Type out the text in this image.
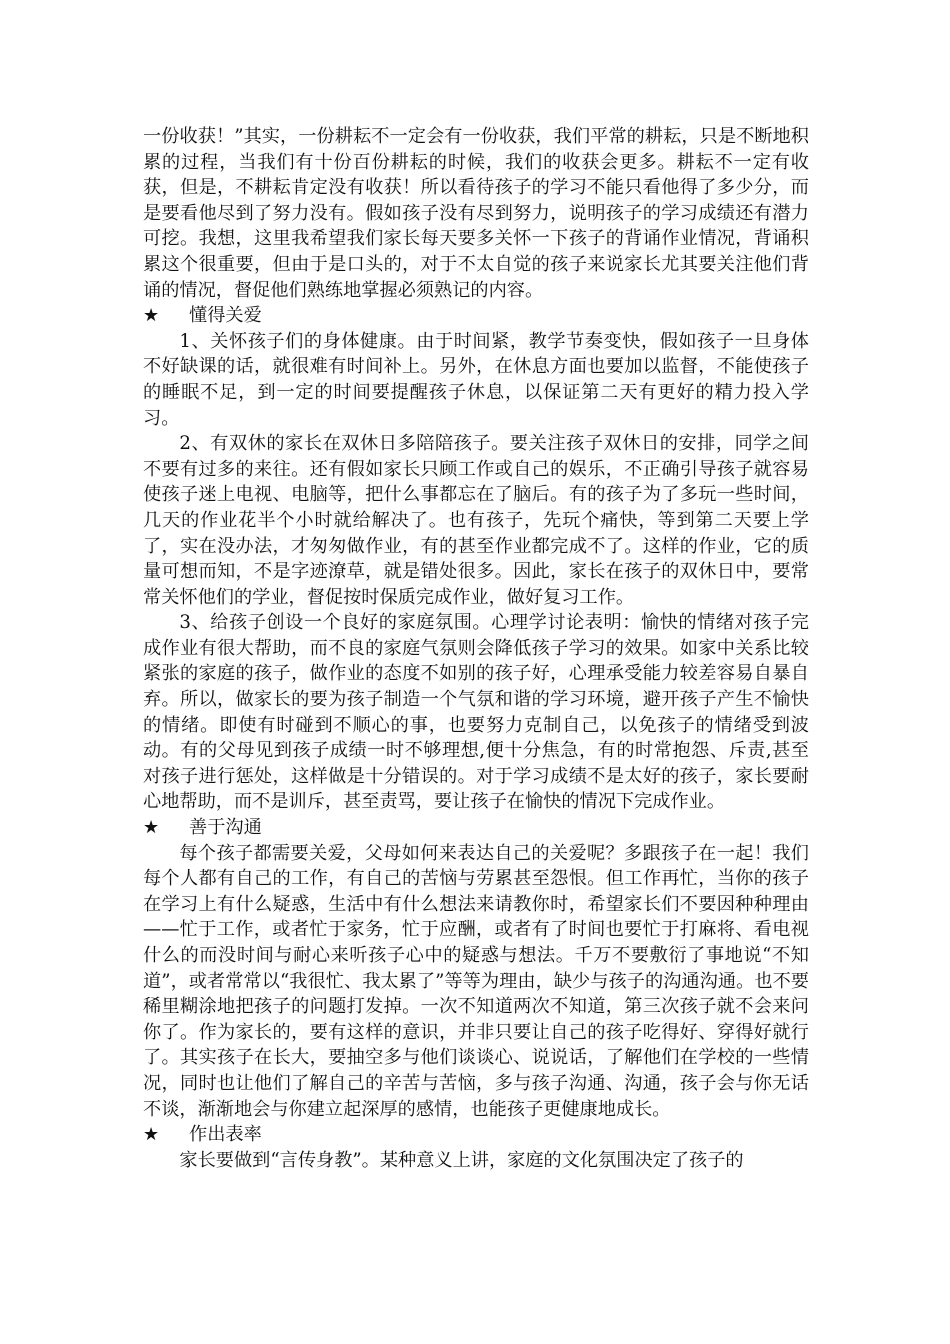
一份收获！”其实，一份耕耘不一定会有一份收获，我们平常的耕耘，只是不断地积累的过程，当我们有十份百份耕耘的时候，我们的收获会更多。耕耘不一定有收获，但是，不耕耘肯定没有收获！所以看待孩子的学习不能只看他得了多少分，而是要看他尽到了努力没有。假如孩子没有尽到努力，说明孩子的学习成绩还有潜力可挖。我想，这里我希望我们家长每天要多关怀一下孩子的背诵作业情况，背诵积累这个很重要，但由于是口头的，对于不太自觉的孩子来说家长尤其要关注他们背诵的情况，督促他们熟练地掌握必须熟记的内容。

★ 懂得关爱

1、关怀孩子们的身体健康。由于时间紧，教学节奏变快，假如孩子一旦身体不好缺课的话，就很难有时间补上。另外，在休息方面也要加以监督，不能使孩子的睡眠不足，到一定的时间要提醒孩子休息，以保证第二天有更好的精力投入学习。

2、有双休的家长在双休日多陪陪孩子。要关注孩子双休日的安排，同学之间不要有过多的来往。还有假如家长只顾工作或自己的娱乐，不正确引导孩子就容易使孩子迷上电视、电脑等，把什么事都忘在了脑后。有的孩子为了多玩一些时间，几天的作业花半个小时就给解决了。也有孩子，先玩个痛快，等到第二天要上学了，实在没办法，才匆匆做作业，有的甚至作业都完成不了。这样的作业，它的质量可想而知，不是字迹潦草，就是错处很多。因此，家长在孩子的双休日中，要常常关怀他们的学业，督促按时保质完成作业，做好复习工作。

3、给孩子创设一个良好的家庭氛围。心理学讨论表明：愉快的情绪对孩子完成作业有很大帮助，而不良的家庭气氛则会降低孩子学习的效果。如家中关系比较紧张的家庭的孩子，做作业的态度不如别的孩子好，心理承受能力较差容易自暴自弃。所以，做家长的要为孩子制造一个气氛和谐的学习环境，避开孩子产生不愉快的情绪。即使有时碰到不顺心的事，也要努力克制自己，以免孩子的情绪受到波动。有的父母见到孩子成绩一时不够理想,便十分焦急，有的时常抱怨、斥责,甚至对孩子进行惩处，这样做是十分错误的。对于学习成绩不是太好的孩子，家长要耐心地帮助，而不是训斥，甚至责骂，要让孩子在愉快的情况下完成作业。

★ 善于沟通

每个孩子都需要关爱，父母如何来表达自己的关爱呢？多跟孩子在一起！我们每个人都有自己的工作，有自己的苦恼与劳累甚至怨恨。但工作再忙，当你的孩子在学习上有什么疑惑，生活中有什么想法来请教你时，希望家长们不要因种种理由——忙于工作，或者忙于家务，忙于应酬，或者有了时间也要忙于打麻将、看电视什么的而没时间与耐心来听孩子心中的疑惑与想法。千万不要敷衍了事地说“不知道”，或者常常以“我很忙、我太累了”等等为理由，缺少与孩子的沟通沟通。也不要稀里糊涂地把孩子的问题打发掉。一次不知道两次不知道，第三次孩子就不会来问你了。作为家长的，要有这样的意识，并非只要让自己的孩子吃得好、穿得好就行了。其实孩子在长大，要抽空多与他们谈谈心、说说话，了解他们在学校的一些情况，同时也让他们了解自己的辛苦与苦恼，多与孩子沟通、沟通，孩子会与你无话不谈，渐渐地会与你建立起深厚的感情，也能孩子更健康地成长。

★ 作出表率

家长要做到“言传身教”。某种意义上讲，家庭的文化氛围决定了孩子的
